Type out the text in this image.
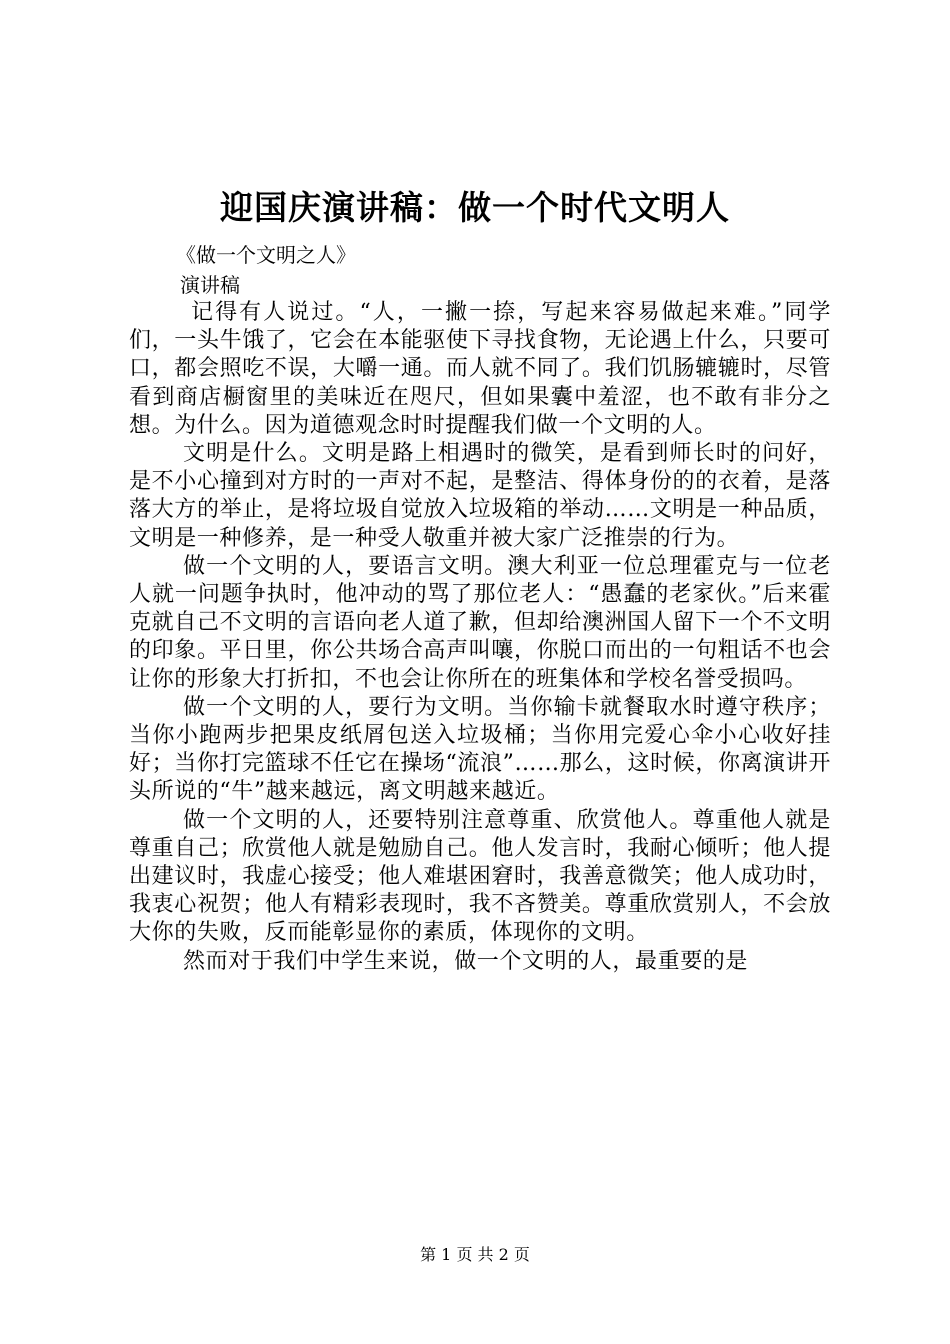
迎国庆演讲稿：做一个时代文明人
《做一个文明之人》
演讲稿

记得有人说过。“人，一撇一捺，写起来容易做起来难。”同学们，一头牛饿了，它会在本能驱使下寻找食物，无论遇上什么，只要可口，都会照吃不误，大嚼一通。而人就不同了。我们饥肠辘辘时，尽管看到商店橱窗里的美味近在咫尺，但如果囊中羞涩，也不敢有非分之想。为什么。因为道德观念时时提醒我们做一个文明的人。

文明是什么。文明是路上相遇时的微笑，是看到师长时的问好，是不小心撞到对方时的一声对不起，是整洁、得体身份的的衣着，是落落大方的举止，是将垃圾自觉放入垃圾箱的举动……文明是一种品质，文明是一种修养，是一种受人敬重并被大家广泛推崇的行为。

做一个文明的人，要语言文明。澳大利亚一位总理霍克与一位老人就一问题争执时，他冲动的骂了那位老人：“愚蠢的老家伙。”后来霍克就自己不文明的言语向老人道了歉，但却给澳洲国人留下一个不文明的印象。平日里，你公共场合高声叫嚷，你脱口而出的一句粗话不也会让你的形象大打折扣，不也会让你所在的班集体和学校名誉受损吗。

做一个文明的人，要行为文明。当你输卡就餐取水时遵守秩序；当你小跑两步把果皮纸屑包送入垃圾桶；当你用完爱心伞小心收好挂好；当你打完篮球不任它在操场“流浪”……那么，这时候，你离演讲开头所说的“牛”越来越远，离文明越来越近。

做一个文明的人，还要特别注意尊重、欣赏他人。尊重他人就是尊重自己；欣赏他人就是勉励自己。他人发言时，我耐心倾听；他人提出建议时，我虚心接受；他人难堪困窘时，我善意微笑；他人成功时，我衷心祝贺；他人有精彩表现时，我不吝赞美。尊重欣赏别人，不会放大你的失败，反而能彰显你的素质，体现你的文明。

然而对于我们中学生来说，做一个文明的人，最重要的是

第 1 页 共 2 页
